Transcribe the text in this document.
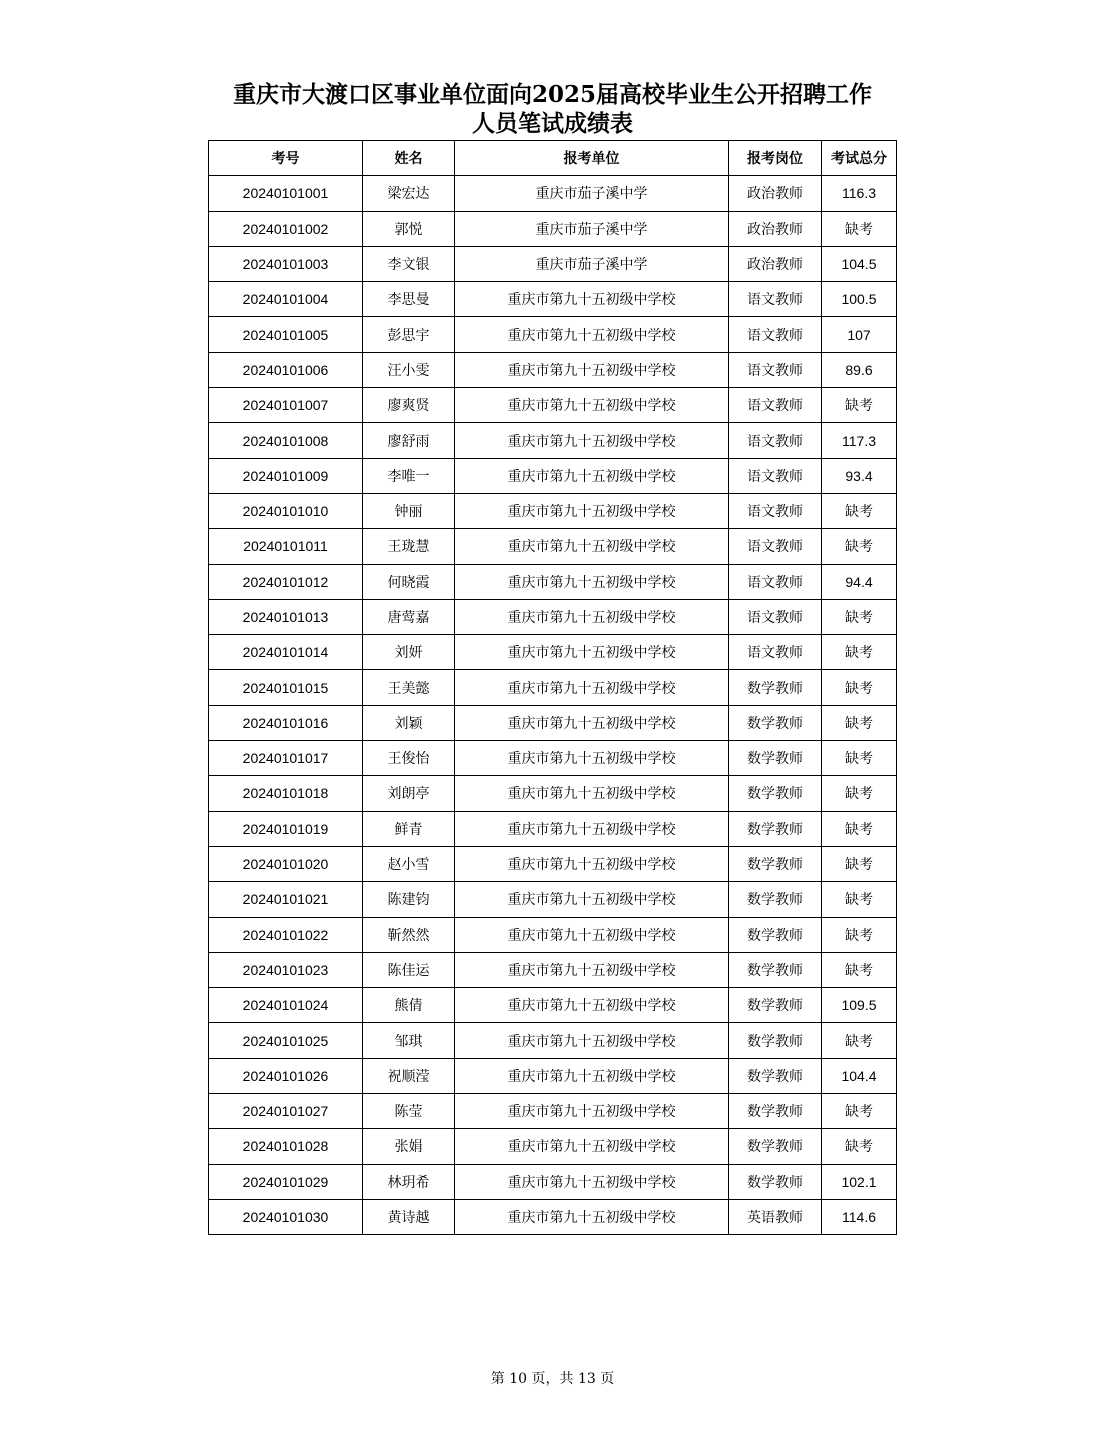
重庆市大渡口区事业单位面向2025届高校毕业生公开招聘工作
人员笔试成绩表
考号	姓名	报考单位	报考岗位	考试总分
20240101001	梁宏达	重庆市茄子溪中学	政治教师	116.3
20240101002	郭悦	重庆市茄子溪中学	政治教师	缺考
20240101003	李文银	重庆市茄子溪中学	政治教师	104.5
20240101004	李思曼	重庆市第九十五初级中学校	语文教师	100.5
20240101005	彭思宇	重庆市第九十五初级中学校	语文教师	107
20240101006	汪小雯	重庆市第九十五初级中学校	语文教师	89.6
20240101007	廖爽贤	重庆市第九十五初级中学校	语文教师	缺考
20240101008	廖舒雨	重庆市第九十五初级中学校	语文教师	117.3
20240101009	李唯一	重庆市第九十五初级中学校	语文教师	93.4
20240101010	钟丽	重庆市第九十五初级中学校	语文教师	缺考
20240101011	王珑慧	重庆市第九十五初级中学校	语文教师	缺考
20240101012	何晓霞	重庆市第九十五初级中学校	语文教师	94.4
20240101013	唐莺嘉	重庆市第九十五初级中学校	语文教师	缺考
20240101014	刘妍	重庆市第九十五初级中学校	语文教师	缺考
20240101015	王美懿	重庆市第九十五初级中学校	数学教师	缺考
20240101016	刘颖	重庆市第九十五初级中学校	数学教师	缺考
20240101017	王俊怡	重庆市第九十五初级中学校	数学教师	缺考
20240101018	刘朗亭	重庆市第九十五初级中学校	数学教师	缺考
20240101019	鲜青	重庆市第九十五初级中学校	数学教师	缺考
20240101020	赵小雪	重庆市第九十五初级中学校	数学教师	缺考
20240101021	陈建钧	重庆市第九十五初级中学校	数学教师	缺考
20240101022	靳然然	重庆市第九十五初级中学校	数学教师	缺考
20240101023	陈佳运	重庆市第九十五初级中学校	数学教师	缺考
20240101024	熊倩	重庆市第九十五初级中学校	数学教师	109.5
20240101025	邹琪	重庆市第九十五初级中学校	数学教师	缺考
20240101026	祝顺滢	重庆市第九十五初级中学校	数学教师	104.4
20240101027	陈莹	重庆市第九十五初级中学校	数学教师	缺考
20240101028	张娟	重庆市第九十五初级中学校	数学教师	缺考
20240101029	林玥希	重庆市第九十五初级中学校	数学教师	102.1
20240101030	黄诗越	重庆市第九十五初级中学校	英语教师	114.6
第 10 页，共 13 页
